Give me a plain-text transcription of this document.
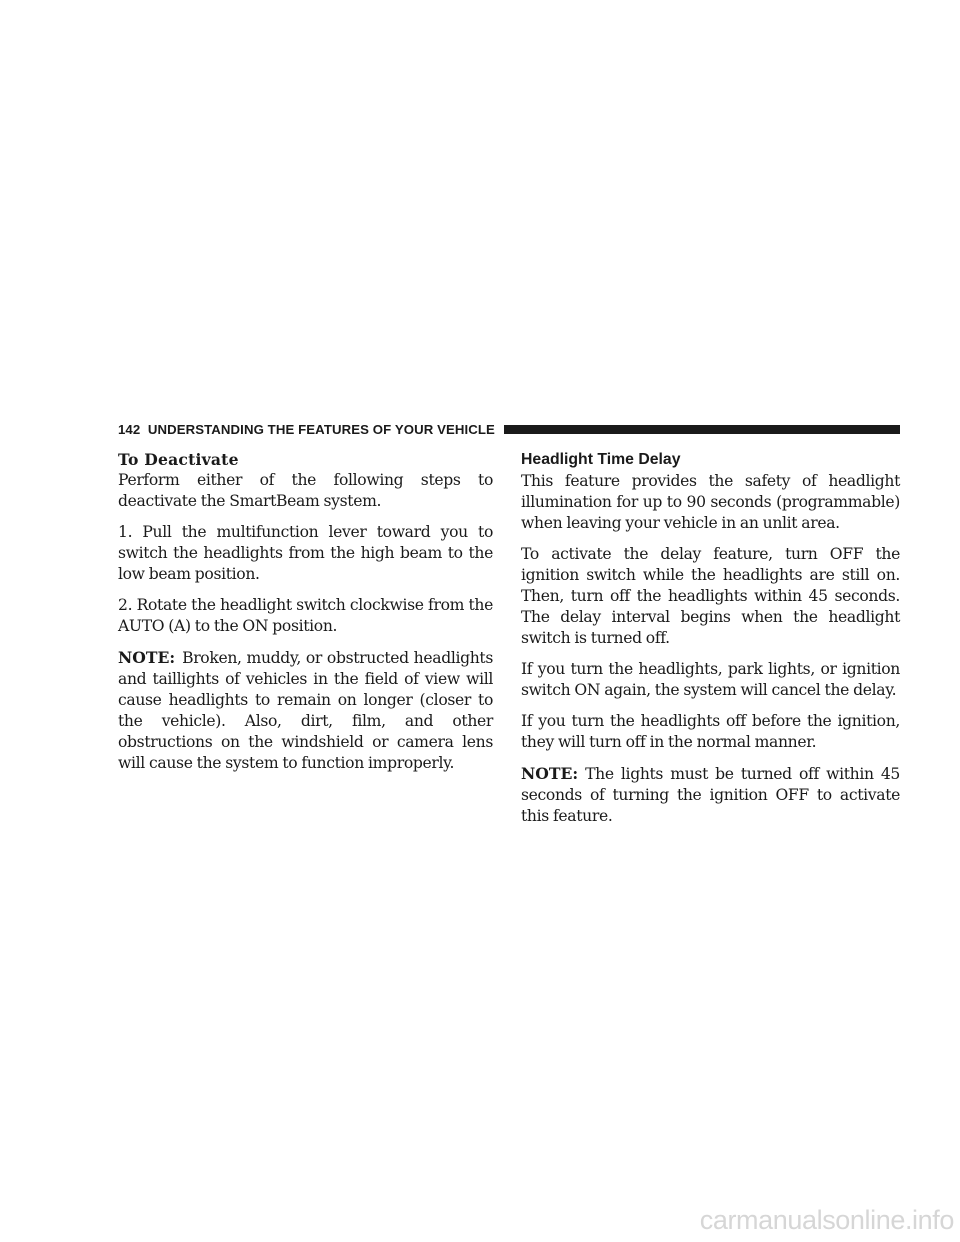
142 UNDERSTANDING THE FEATURES OF YOUR VEHICLE

To Deactivate

Perform either of the following steps to deactivate the SmartBeam system.

1. Pull the multifunction lever toward you to switch the headlights from the high beam to the low beam position.

2. Rotate the headlight switch clockwise from the AUTO (A) to the ON position.

NOTE: Broken, muddy, or obstructed headlights and taillights of vehicles in the field of view will cause headlights to remain on longer (closer to the vehicle). Also, dirt, film, and other obstructions on the windshield or camera lens will cause the system to function improperly.

Headlight Time Delay

This feature provides the safety of headlight illumination for up to 90 seconds (programmable) when leaving your vehicle in an unlit area.

To activate the delay feature, turn OFF the ignition switch while the headlights are still on. Then, turn off the headlights within 45 seconds. The delay interval begins when the headlight switch is turned off.

If you turn the headlights, park lights, or ignition switch ON again, the system will cancel the delay.

If you turn the headlights off before the ignition, they will turn off in the normal manner.

NOTE: The lights must be turned off within 45 seconds of turning the ignition OFF to activate this feature.

carmanualsonline.info
